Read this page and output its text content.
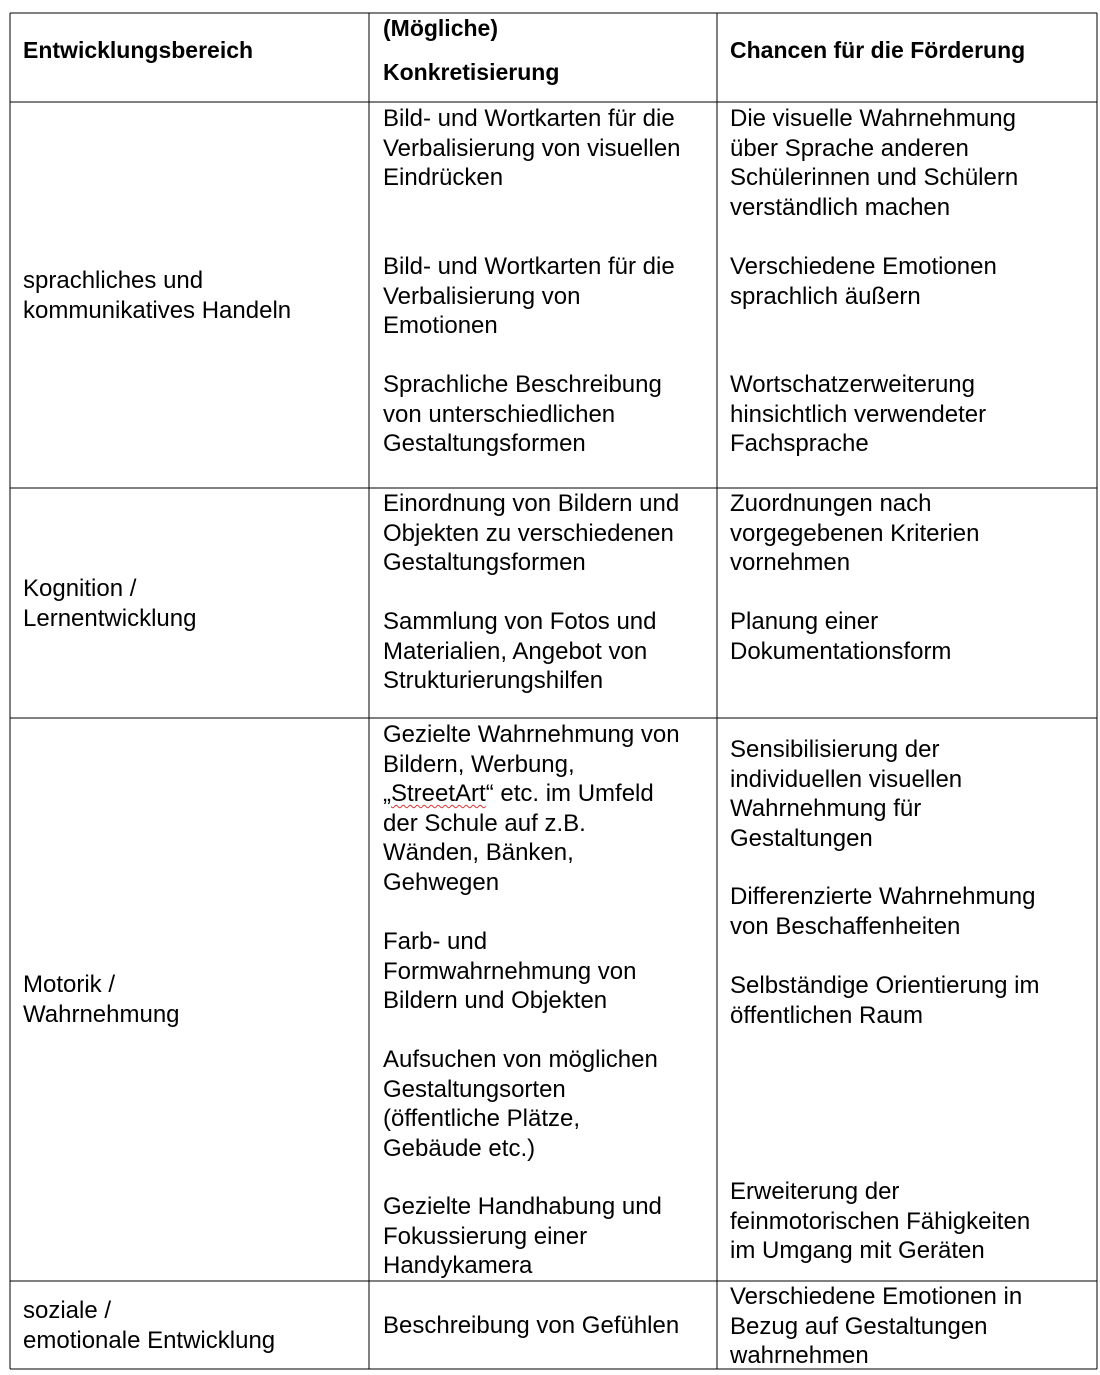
Entwicklungsbereich
(Mögliche)
Konkretisierung
Chancen für die Förderung
sprachliches und
kommunikatives Handeln
Bild- und Wortkarten für die
Verbalisierung von visuellen
Eindrücken
Bild- und Wortkarten für die
Verbalisierung von
Emotionen
Sprachliche Beschreibung
von unterschiedlichen
Gestaltungsformen
Die visuelle Wahrnehmung
über Sprache anderen
Schülerinnen und Schülern
verständlich machen
Verschiedene Emotionen
sprachlich äußern
Wortschatzerweiterung
hinsichtlich verwendeter
Fachsprache
Kognition /
Lernentwicklung
Einordnung von Bildern und
Objekten zu verschiedenen
Gestaltungsformen
Sammlung von Fotos und
Materialien, Angebot von
Strukturierungshilfen
Zuordnungen nach
vorgegebenen Kriterien
vornehmen
Planung einer
Dokumentationsform
Motorik /
Wahrnehmung
Gezielte Wahrnehmung von
Bildern, Werbung,
„StreetArt“ etc. im Umfeld
der Schule auf z.B.
Wänden, Bänken,
Gehwegen
Farb- und
Formwahrnehmung von
Bildern und Objekten
Aufsuchen von möglichen
Gestaltungsorten
(öffentliche Plätze,
Gebäude etc.)
Gezielte Handhabung und
Fokussierung einer
Handykamera
Sensibilisierung der
individuellen visuellen
Wahrnehmung für
Gestaltungen
Differenzierte Wahrnehmung
von Beschaffenheiten
Selbständige Orientierung im
öffentlichen Raum
Erweiterung der
feinmotorischen Fähigkeiten
im Umgang mit Geräten
soziale /
emotionale Entwicklung
Beschreibung von Gefühlen
Verschiedene Emotionen in
Bezug auf Gestaltungen
wahrnehmen
